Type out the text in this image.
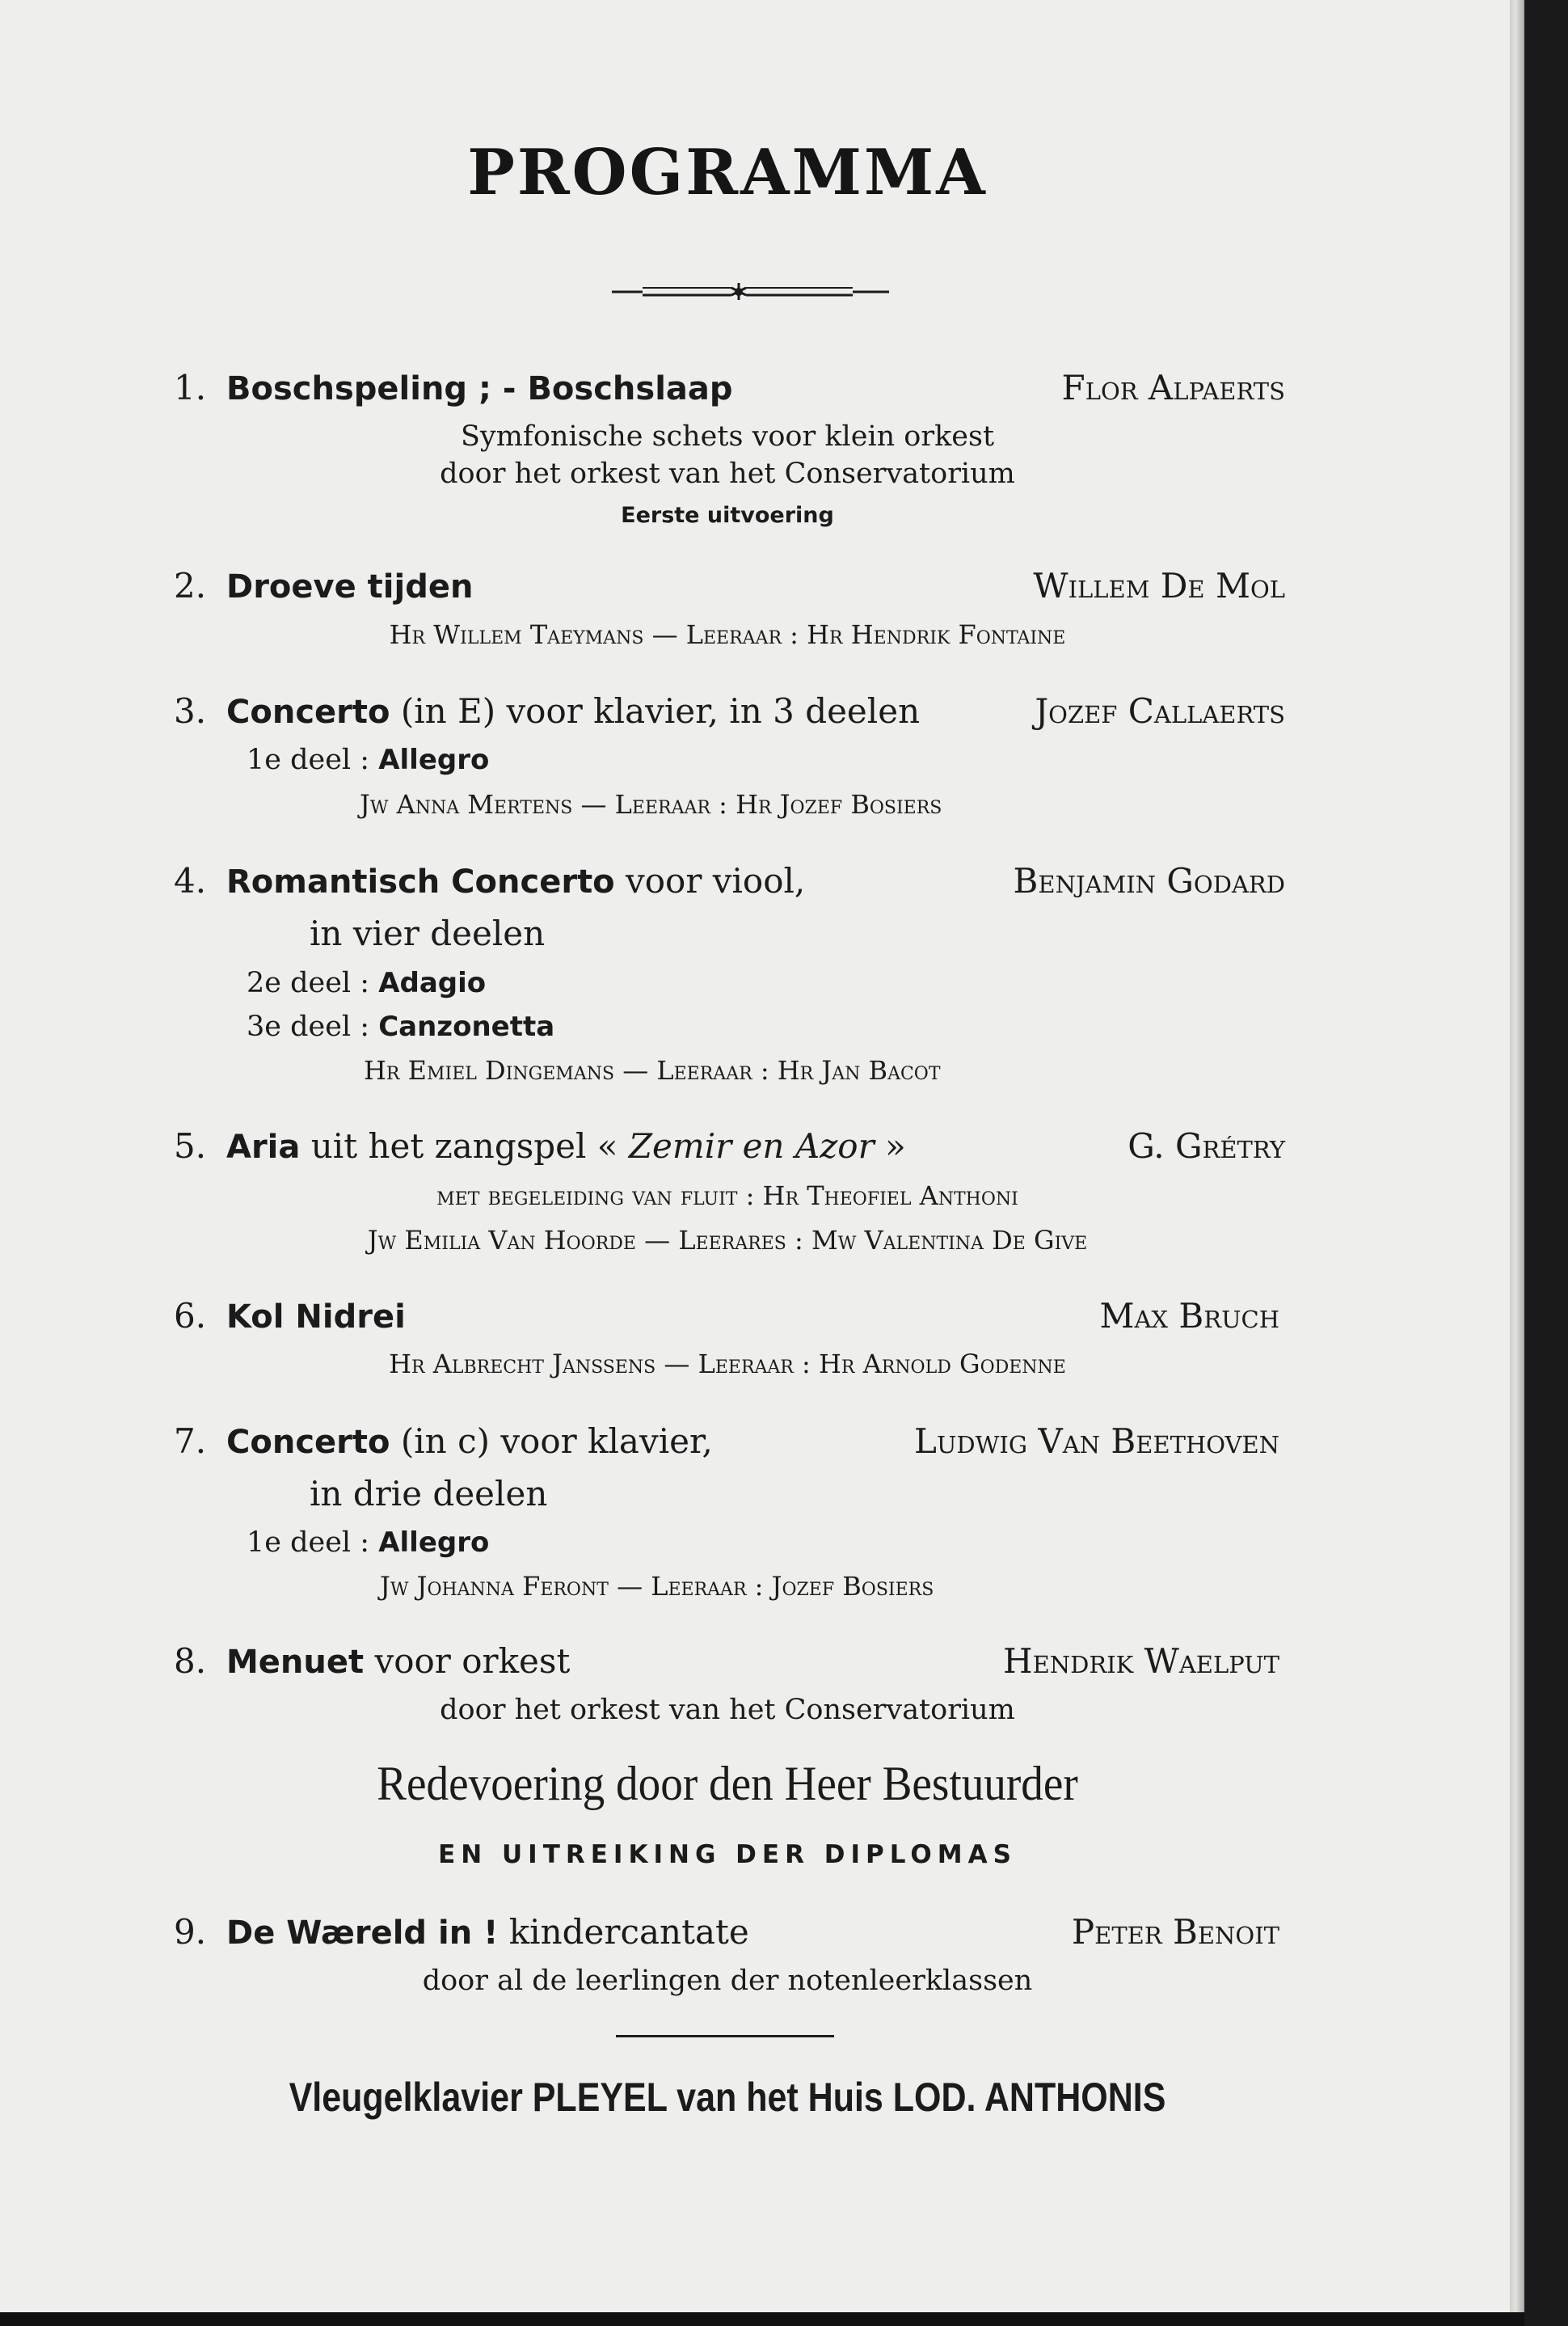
PROGRAMMA
1. Boschspeling ; - Boschslaap	Flor Alpaerts
Symfonische schets voor klein orkest
door het orkest van het Conservatorium
Eerste uitvoering
2. Droeve tijden	Willem De Mol
Hr Willem Taeymans — Leeraar : Hr Hendrik Fontaine
3. Concerto (in E) voor klavier, in 3 deelen	Jozef Callaerts
1e deel : Allegro
Jw Anna Mertens — Leeraar : Hr Jozef Bosiers
4. Romantisch Concerto voor viool,	Benjamin Godard
in vier deelen
2e deel : Adagio
3e deel : Canzonetta
Hr Emiel Dingemans — Leeraar : Hr Jan Bacot
5. Aria uit het zangspel « Zemir en Azor »	G. Grétry
met begeleiding van fluit : Hr Theofiel Anthoni
Jw Emilia Van Hoorde — Leerares : Mw Valentina De Give
6. Kol Nidrei	Max Bruch
Hr Albrecht Janssens — Leeraar : Hr Arnold Godenne
7. Concerto (in c) voor klavier,	Ludwig Van Beethoven
in drie deelen
1e deel : Allegro
Jw Johanna Feront — Leeraar : Jozef Bosiers
8. Menuet voor orkest	Hendrik Waelput
door het orkest van het Conservatorium
Redevoering door den Heer Bestuurder
EN UITREIKING DER DIPLOMAS
9. De Wæreld in ! kindercantate	Peter Benoit
door al de leerlingen der notenleerklassen
Vleugelklavier PLEYEL van het Huis LOD. ANTHONIS
